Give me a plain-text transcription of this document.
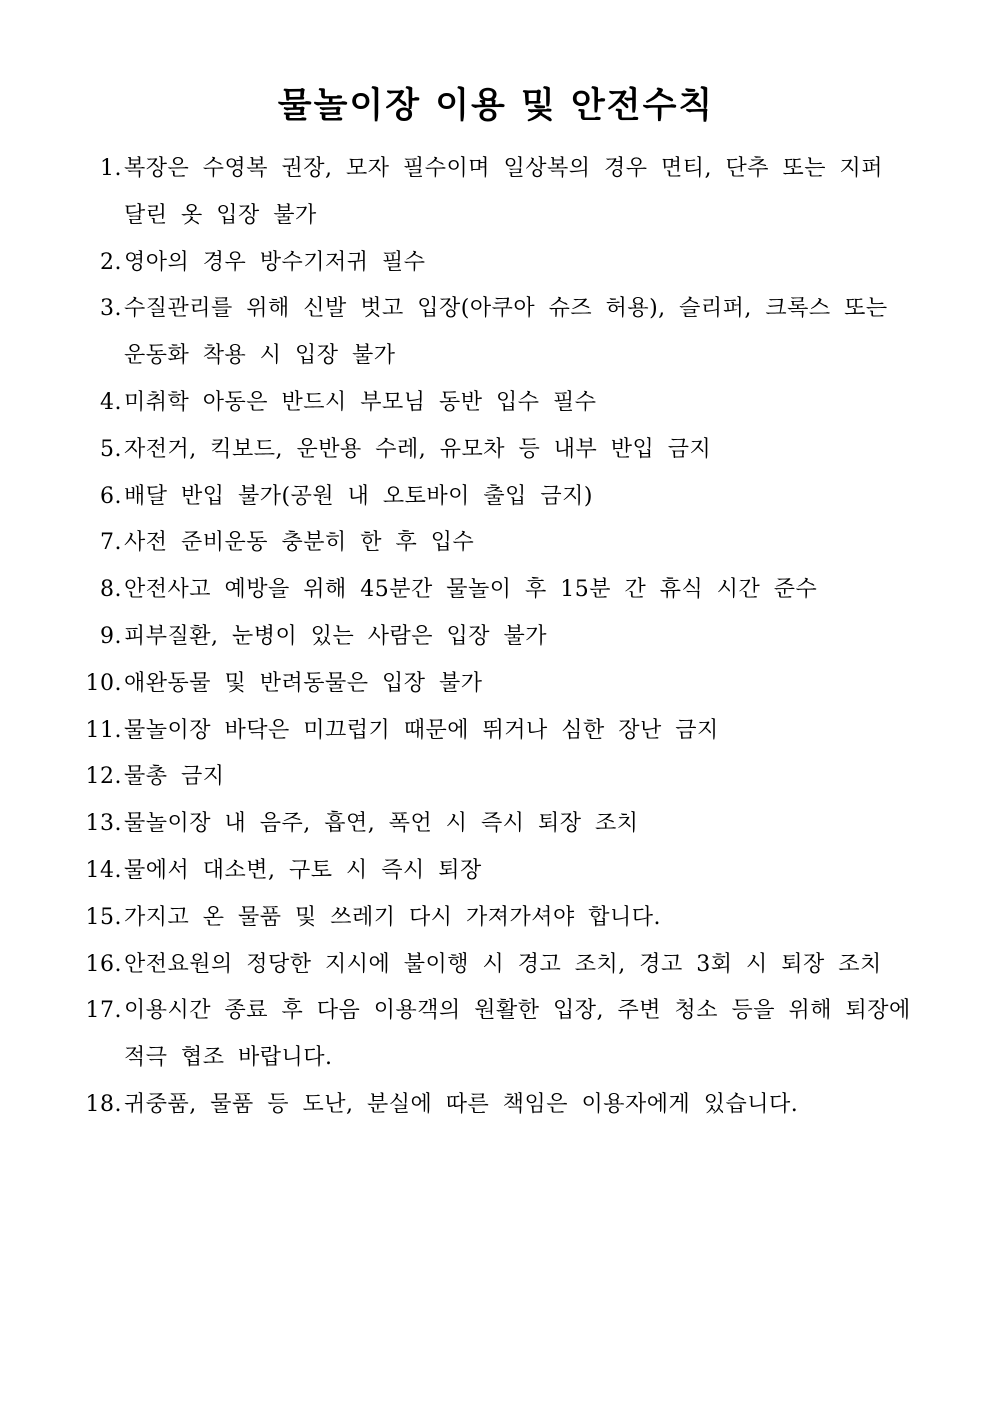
물놀이장 이용 및 안전수칙
1. 복장은 수영복 권장, 모자 필수이며 일상복의 경우 면티, 단추 또는 지퍼 달린 옷 입장 불가
2. 영아의 경우 방수기저귀 필수
3. 수질관리를 위해 신발 벗고 입장(아쿠아 슈즈 허용), 슬리퍼, 크록스 또는 운동화 착용 시 입장 불가
4. 미취학 아동은 반드시 부모님 동반 입수 필수
5. 자전거, 킥보드, 운반용 수레, 유모차 등 내부 반입 금지
6. 배달 반입 불가(공원 내 오토바이 출입 금지)
7. 사전 준비운동 충분히 한 후 입수
8. 안전사고 예방을 위해 45분간 물놀이 후 15분 간 휴식 시간 준수
9. 피부질환, 눈병이 있는 사람은 입장 불가
10. 애완동물 및 반려동물은 입장 불가
11. 물놀이장 바닥은 미끄럽기 때문에 뛰거나 심한 장난 금지
12. 물총 금지
13. 물놀이장 내 음주, 흡연, 폭언 시 즉시 퇴장 조치
14. 물에서 대소변, 구토 시 즉시 퇴장
15. 가지고 온 물품 및 쓰레기 다시 가져가셔야 합니다.
16. 안전요원의 정당한 지시에 불이행 시 경고 조치, 경고 3회 시 퇴장 조치
17. 이용시간 종료 후 다음 이용객의 원활한 입장, 주변 청소 등을 위해 퇴장에 적극 협조 바랍니다.
18. 귀중품, 물품 등 도난, 분실에 따른 책임은 이용자에게 있습니다.
